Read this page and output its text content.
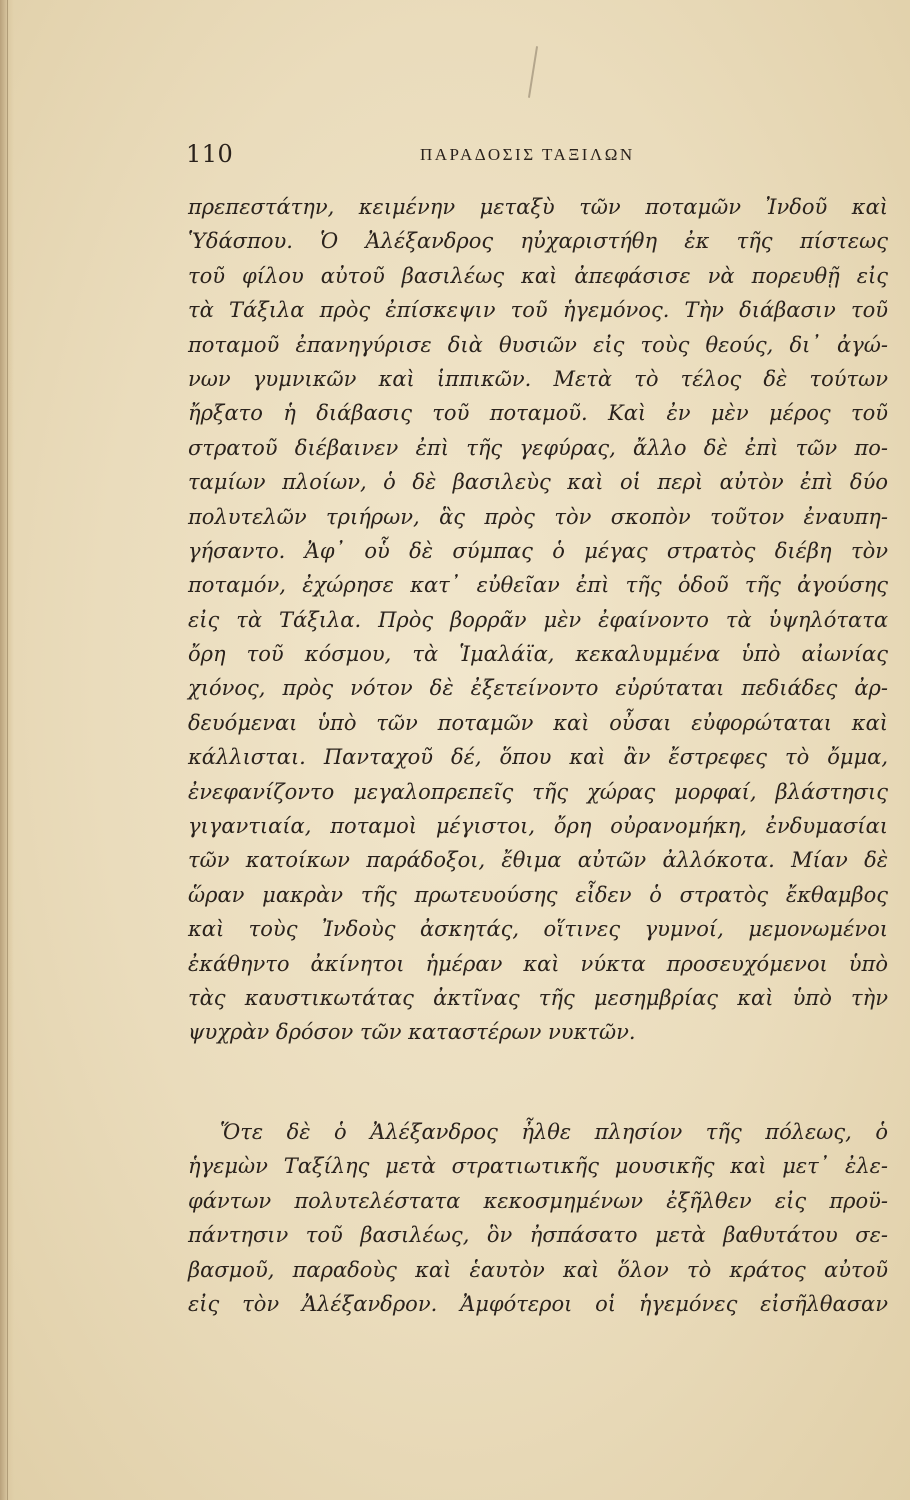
110	ΠΑΡΑΔΟΣΙΣ ΤΑΞΙΛΩΝ
πρεπεστάτην, κειμένην μεταξὺ τῶν ποταμῶν Ἰνδοῦ καὶ
Ὑδάσπου. Ὁ Ἀλέξανδρος ηὐχαριστήθη ἐκ τῆς πίστεως
τοῦ φίλου αὐτοῦ βασιλέως καὶ ἀπεφάσισε νὰ πορευθῇ εἰς
τὰ Τάξιλα πρὸς ἐπίσκεψιν τοῦ ἡγεμόνος. Τὴν διάβασιν τοῦ
ποταμοῦ ἐπανηγύρισε διὰ θυσιῶν εἰς τοὺς θεούς, δι᾽ ἀγώ-
νων γυμνικῶν καὶ ἱππικῶν. Μετὰ τὸ τέλος δὲ τούτων
ἤρξατο ἡ διάβασις τοῦ ποταμοῦ. Καὶ ἐν μὲν μέρος τοῦ
στρατοῦ διέβαινεν ἐπὶ τῆς γεφύρας, ἄλλο δὲ ἐπὶ τῶν πο-
ταμίων πλοίων, ὁ δὲ βασιλεὺς καὶ οἱ περὶ αὐτὸν ἐπὶ δύο
πολυτελῶν τριήρων, ἃς πρὸς τὸν σκοπὸν τοῦτον ἐναυπη-
γήσαντο. Ἀφ᾽ οὗ δὲ σύμπας ὁ μέγας στρατὸς διέβη τὸν
ποταμόν, ἐχώρησε κατ᾽ εὐθεῖαν ἐπὶ τῆς ὁδοῦ τῆς ἀγούσης
εἰς τὰ Τάξιλα. Πρὸς βορρᾶν μὲν ἐφαίνοντο τὰ ὑψηλότατα
ὄρη τοῦ κόσμου, τὰ Ἱμαλάϊα, κεκαλυμμένα ὑπὸ αἰωνίας
χιόνος, πρὸς νότον δὲ ἐξετείνοντο εὐρύταται πεδιάδες ἀρ-
δευόμεναι ὑπὸ τῶν ποταμῶν καὶ οὖσαι εὐφορώταται καὶ
κάλλισται. Πανταχοῦ δέ, ὅπου καὶ ἂν ἔστρεφες τὸ ὄμμα,
ἐνεφανίζοντο μεγαλοπρεπεῖς τῆς χώρας μορφαί, βλάστησις
γιγαντιαία, ποταμοὶ μέγιστοι, ὄρη οὐρανομήκη, ἐνδυμασίαι
τῶν κατοίκων παράδοξοι, ἔθιμα αὐτῶν ἀλλόκοτα. Μίαν δὲ
ὥραν μακρὰν τῆς πρωτευούσης εἶδεν ὁ στρατὸς ἔκθαμβος
καὶ τοὺς Ἰνδοὺς ἀσκητάς, οἵτινες γυμνοί, μεμονωμένοι
ἐκάθηντο ἀκίνητοι ἡμέραν καὶ νύκτα προσευχόμενοι ὑπὸ
τὰς καυστικωτάτας ἀκτῖνας τῆς μεσημβρίας καὶ ὑπὸ τὴν
ψυχρὰν δρόσον τῶν καταστέρων νυκτῶν.
Ὅτε δὲ ὁ Ἀλέξανδρος ἦλθε πλησίον τῆς πόλεως, ὁ
ἡγεμὼν Ταξίλης μετὰ στρατιωτικῆς μουσικῆς καὶ μετ᾽ ἐλε-
φάντων πολυτελέστατα κεκοσμημένων ἐξῆλθεν εἰς προϋ-
πάντησιν τοῦ βασιλέως, ὃν ἠσπάσατο μετὰ βαθυτάτου σε-
βασμοῦ, παραδοὺς καὶ ἑαυτὸν καὶ ὅλον τὸ κράτος αὐτοῦ
εἰς τὸν Ἀλέξανδρον. Ἀμφότεροι οἱ ἡγεμόνες εἰσῆλθασαν
